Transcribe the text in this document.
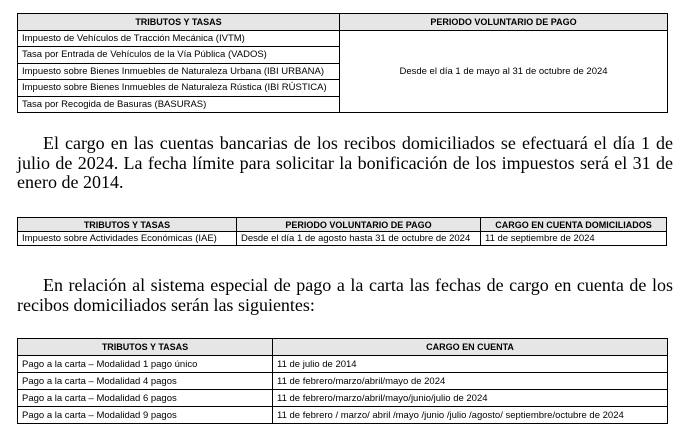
TRIBUTOS Y TASAS	PERIODO VOLUNTARIO DE PAGO
Impuesto de Vehículos de Tracción Mecánica (IVTM)	Desde el día 1 de mayo al 31 de octubre de 2024
Tasa por Entrada de Vehículos de la Vía Pública (VADOS)	
Impuesto sobre Bienes Inmuebles de Naturaleza Urbana (IBI URBANA)	
Impuesto sobre Bienes Inmuebles de Naturaleza Rústica (IBI RÚSTICA)	
Tasa por Recogida de Basuras (BASURAS)	

El cargo en las cuentas bancarias de los recibos domiciliados se efectuará el día 1 de julio de 2024. La fecha límite para solicitar la bonificación de los impuestos será el 31 de enero de 2014.

TRIBUTOS Y TASAS	PERIODO VOLUNTARIO DE PAGO	CARGO EN CUENTA DOMICILIADOS
Impuesto sobre Actividades Económicas (IAE)	Desde el día 1 de agosto hasta 31 de octubre de 2024	11 de septiembre de 2024

En relación al sistema especial de pago a la carta las fechas de cargo en cuenta de los recibos domiciliados serán las siguientes:

TRIBUTOS Y TASAS	CARGO EN CUENTA
Pago a la carta – Modalidad 1 pago único	11 de julio de 2014
Pago a la carta – Modalidad 4 pagos	11 de febrero/marzo/abril/mayo de 2024
Pago a la carta – Modalidad 6 pagos	11 de febrero/marzo/abril/mayo/junio/julio de 2024
Pago a la carta – Modalidad 9 pagos	11 de febrero / marzo/ abril /mayo /junio /julio /agosto/ septiembre/octubre de 2024
